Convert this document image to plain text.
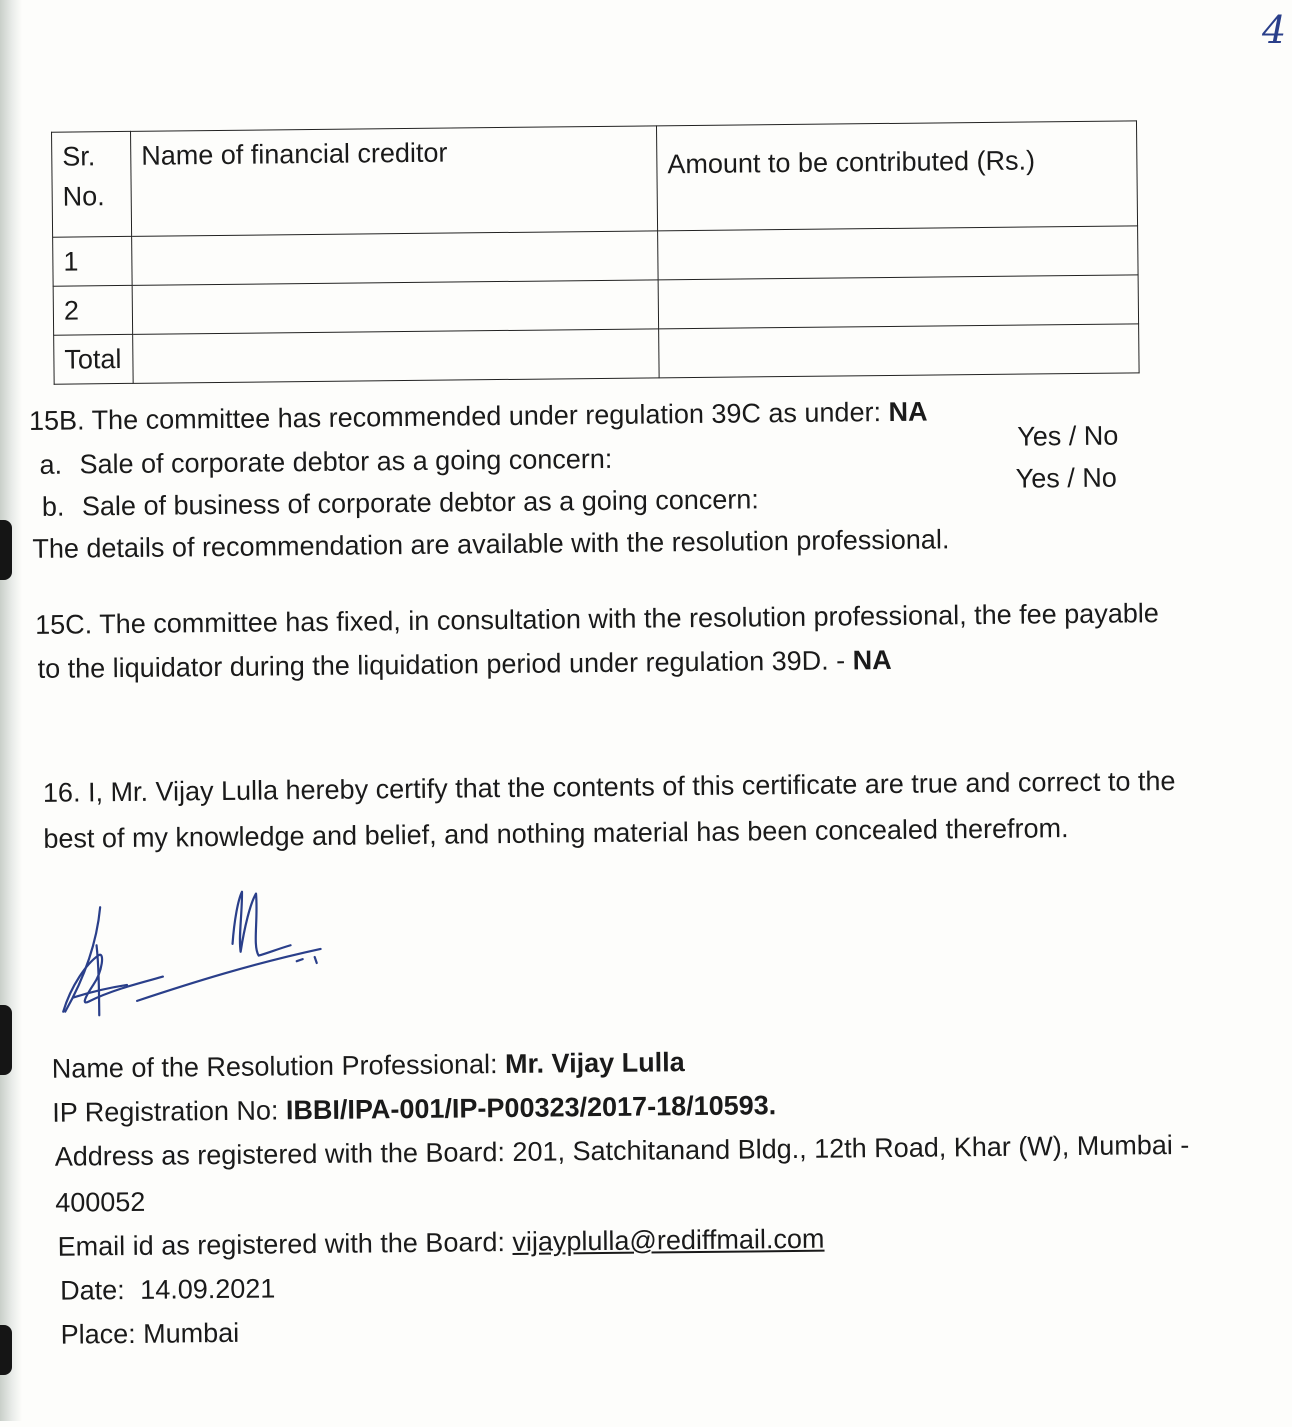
4
Sr. No.	Name of financial creditor	Amount to be contributed (Rs.)
1		
2		
Total		
15B. The committee has recommended under regulation 39C as under: NA
a. Sale of corporate debtor as a going concern:
Yes / No
b. Sale of business of corporate debtor as a going concern:
Yes / No
The details of recommendation are available with the resolution professional.
15C. The committee has fixed, in consultation with the resolution professional, the fee payable
to the liquidator during the liquidation period under regulation 39D. - NA
16. I, Mr. Vijay Lulla hereby certify that the contents of this certificate are true and correct to the
best of my knowledge and belief, and nothing material has been concealed therefrom.
Name of the Resolution Professional: Mr. Vijay Lulla
IP Registration No: IBBI/IPA-001/IP-P00323/2017-18/10593.
Address as registered with the Board: 201, Satchitanand Bldg., 12th Road, Khar (W), Mumbai -
400052
Email id as registered with the Board: vijayplulla@rediffmail.com
Date: 14.09.2021
Place: Mumbai
